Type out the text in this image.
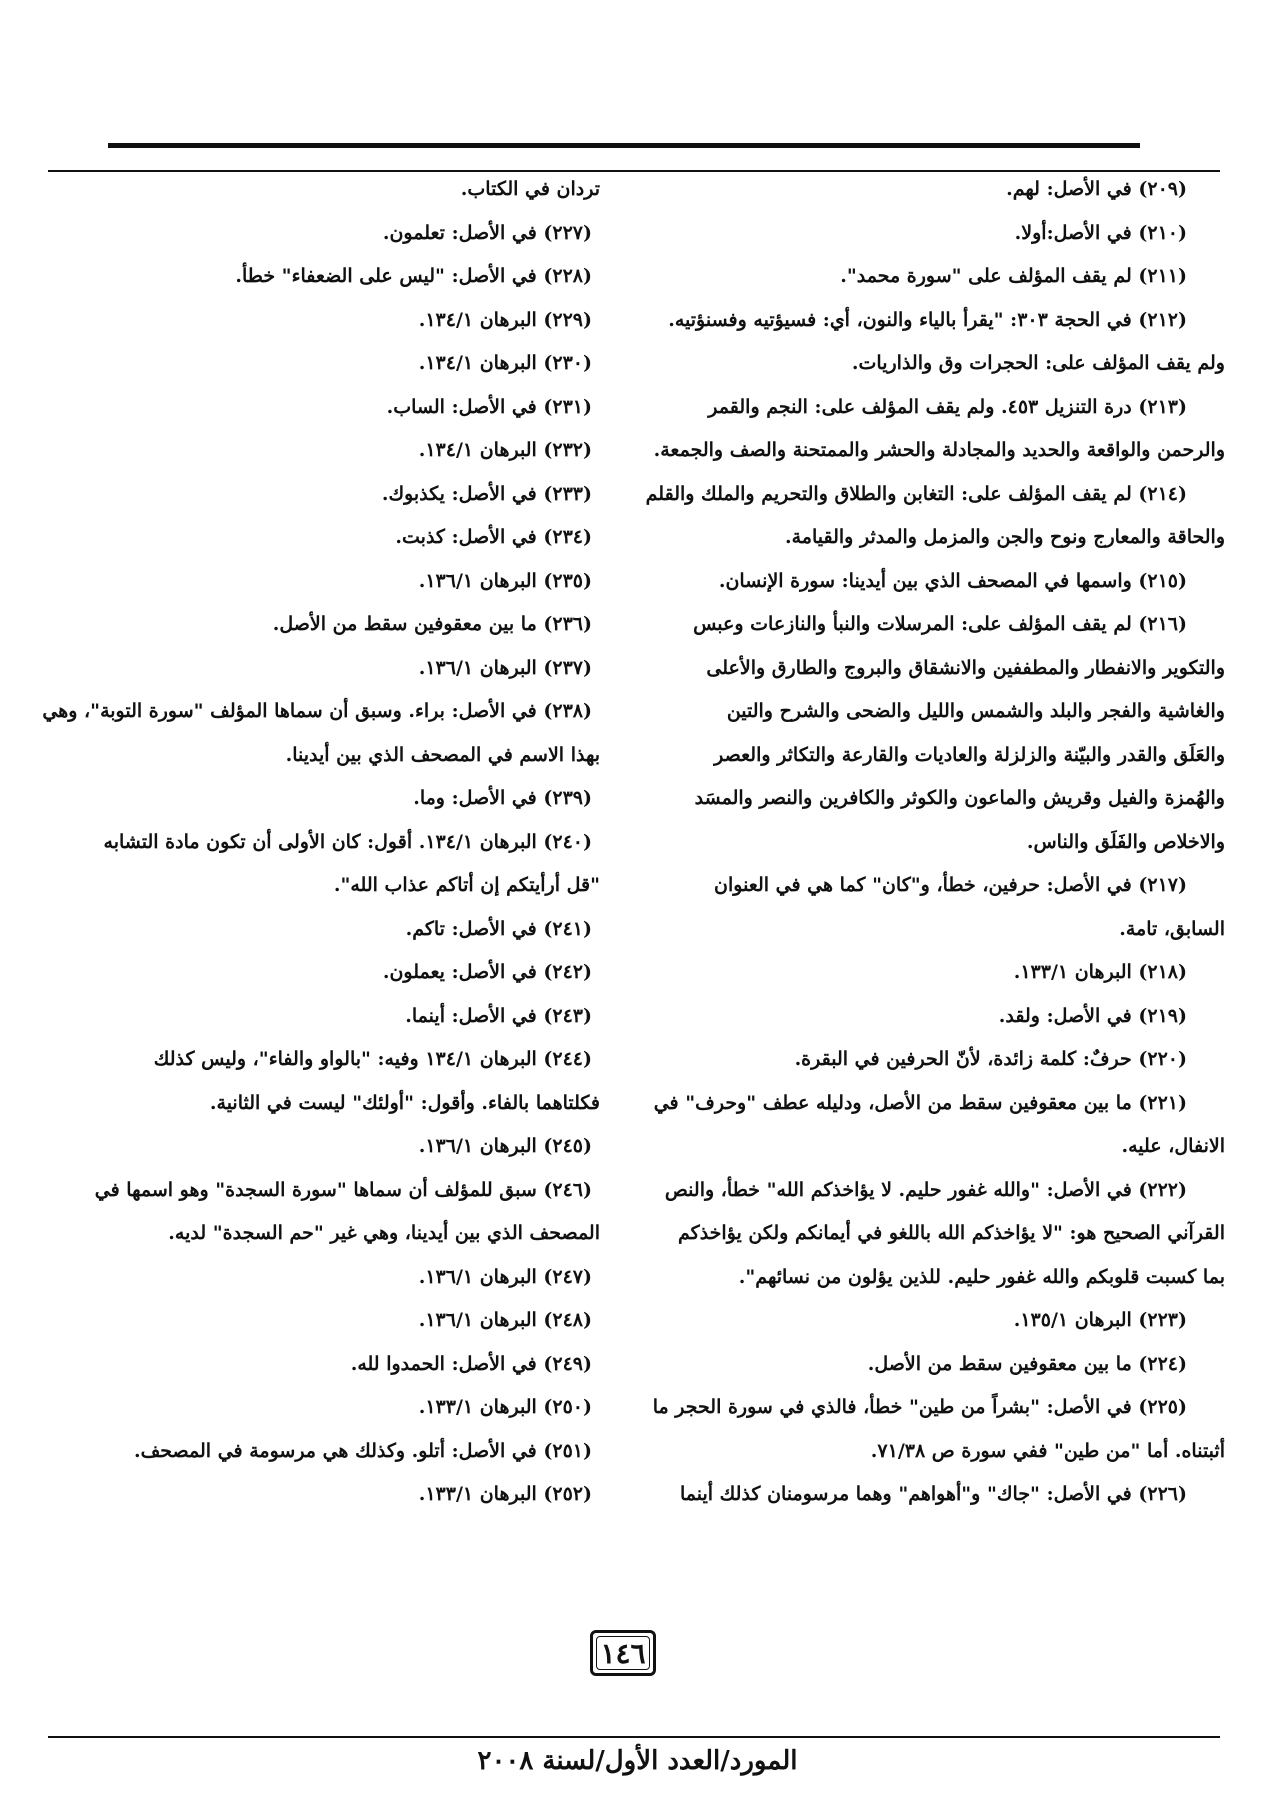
(٢٠٩) في الأصل: لهم.
(٢١٠) في الأصل:أولا.
(٢١١) لم يقف المؤلف على "سورة محمد".
(٢١٢) في الحجة ٣٠٣: "يقرأ بالياء والنون، أي: فسيؤتيه وفسنؤتيه.
ولم يقف المؤلف على: الحجرات وق والذاريات.
(٢١٣) درة التنزيل ٤٥٣. ولم يقف المؤلف على: النجم والقمر
والرحمن والواقعة والحديد والمجادلة والحشر والممتحنة والصف والجمعة.
(٢١٤) لم يقف المؤلف على: التغابن والطلاق والتحريم والملك والقلم
والحاقة والمعارج ونوح والجن والمزمل والمدثر والقيامة.
(٢١٥) واسمها في المصحف الذي بين أيدينا: سورة الإنسان.
(٢١٦) لم يقف المؤلف على: المرسلات والنبأ والنازعات وعبس
والتكوير والانفطار والمطففين والانشقاق والبروج والطارق والأعلى
والغاشية والفجر والبلد والشمس والليل والضحى والشرح والتين
والعَلَق والقدر والبيّنة والزلزلة والعاديات والقارعة والتكاثر والعصر
والهُمزة والفيل وقريش والماعون والكوثر والكافرين والنصر والمسَد
والاخلاص والفَلَق والناس.
(٢١٧) في الأصل: حرفين، خطأ، و"كان" كما هي في العنوان
السابق، تامة.
(٢١٨) البرهان ١٣٣/١.
(٢١٩) في الأصل: ولقد.
(٢٢٠) حرفٌ: كلمة زائدة، لأنّ الحرفين في البقرة.
(٢٢١) ما بين معقوفين سقط من الأصل، ودليله عطف "وحرف" في
الانفال، عليه.
(٢٢٢) في الأصل: "والله غفور حليم. لا يؤاخذكم الله" خطأ، والنص
القرآني الصحيح هو: "لا يؤاخذكم الله باللغو في أيمانكم ولكن يؤاخذكم
بما كسبت قلوبكم والله غفور حليم. للذين يؤلون من نسائهم".
(٢٢٣) البرهان ١٣٥/١.
(٢٢٤) ما بين معقوفين سقط من الأصل.
(٢٢٥) في الأصل: "بشراً من طين" خطأ، فالذي في سورة الحجر ما
أثبتناه. أما "من طين" ففي سورة ص ٧١/٣٨.
(٢٢٦) في الأصل: "جاك" و"أهواهم" وهما مرسومنان كذلك أينما
تردان في الكتاب.
(٢٢٧) في الأصل: تعلمون.
(٢٢٨) في الأصل: "ليس على الضعفاء" خطأ.
(٢٢٩) البرهان ١٣٤/١.
(٢٣٠) البرهان ١٣٤/١.
(٢٣١) في الأصل: الساب.
(٢٣٢) البرهان ١٣٤/١.
(٢٣٣) في الأصل: يكذبوك.
(٢٣٤) في الأصل: كذبت.
(٢٣٥) البرهان ١٣٦/١.
(٢٣٦) ما بين معقوفين سقط من الأصل.
(٢٣٧) البرهان ١٣٦/١.
(٢٣٨) في الأصل: براء. وسبق أن سماها المؤلف "سورة التوبة"، وهي
بهذا الاسم في المصحف الذي بين أيدينا.
(٢٣٩) في الأصل: وما.
(٢٤٠) البرهان ١٣٤/١. أقول: كان الأولى أن تكون مادة التشابه
"قل أرأيتكم إن أتاكم عذاب الله".
(٢٤١) في الأصل: تاكم.
(٢٤٢) في الأصل: يعملون.
(٢٤٣) في الأصل: أينما.
(٢٤٤) البرهان ١٣٤/١ وفيه: "بالواو والفاء"، وليس كذلك
فكلتاهما بالفاء. وأقول: "أولئك" ليست في الثانية.
(٢٤٥) البرهان ١٣٦/١.
(٢٤٦) سبق للمؤلف أن سماها "سورة السجدة" وهو اسمها في
المصحف الذي بين أيدينا، وهي غير "حم السجدة" لديه.
(٢٤٧) البرهان ١٣٦/١.
(٢٤٨) البرهان ١٣٦/١.
(٢٤٩) في الأصل: الحمدوا لله.
(٢٥٠) البرهان ١٣٣/١.
(٢٥١) في الأصل: أتلو. وكذلك هي مرسومة في المصحف.
(٢٥٢) البرهان ١٣٣/١.
١٤٦
المورد/العدد الأول/لسنة ٢٠٠٨
